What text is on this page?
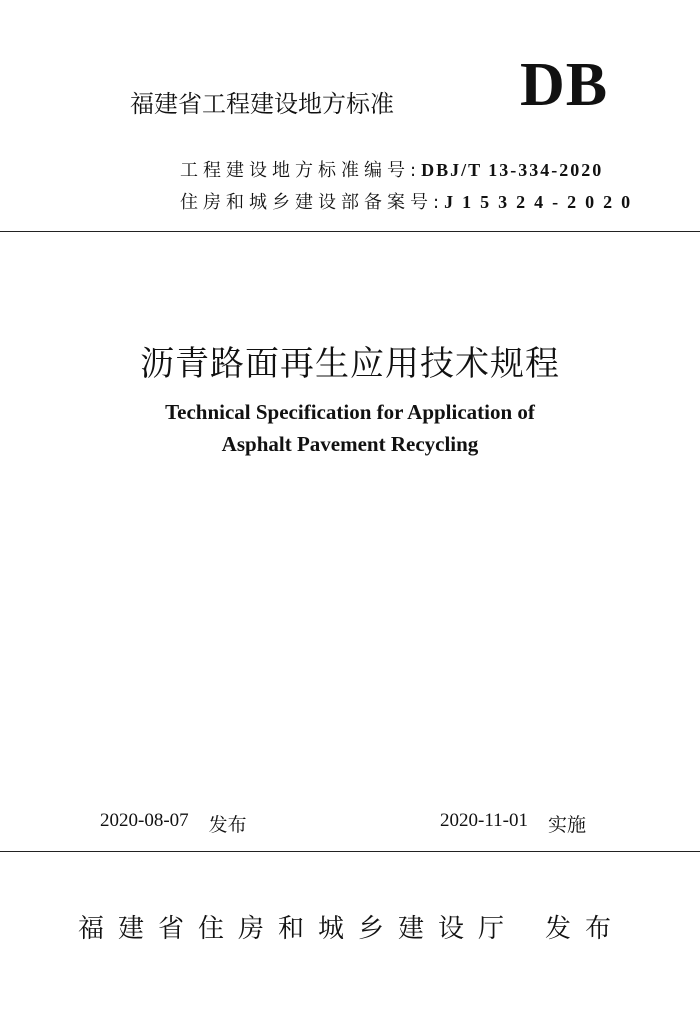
福建省工程建设地方标准 DB
工程建设地方标准编号: DBJ/T 13-334-2020
住房和城乡建设部备案号: J15324-2020
沥青路面再生应用技术规程
Technical Specification for Application of
Asphalt Pavement Recycling
2020-08-07 发布	2020-11-01 实施
福建省住房和城乡建设厅 发布
